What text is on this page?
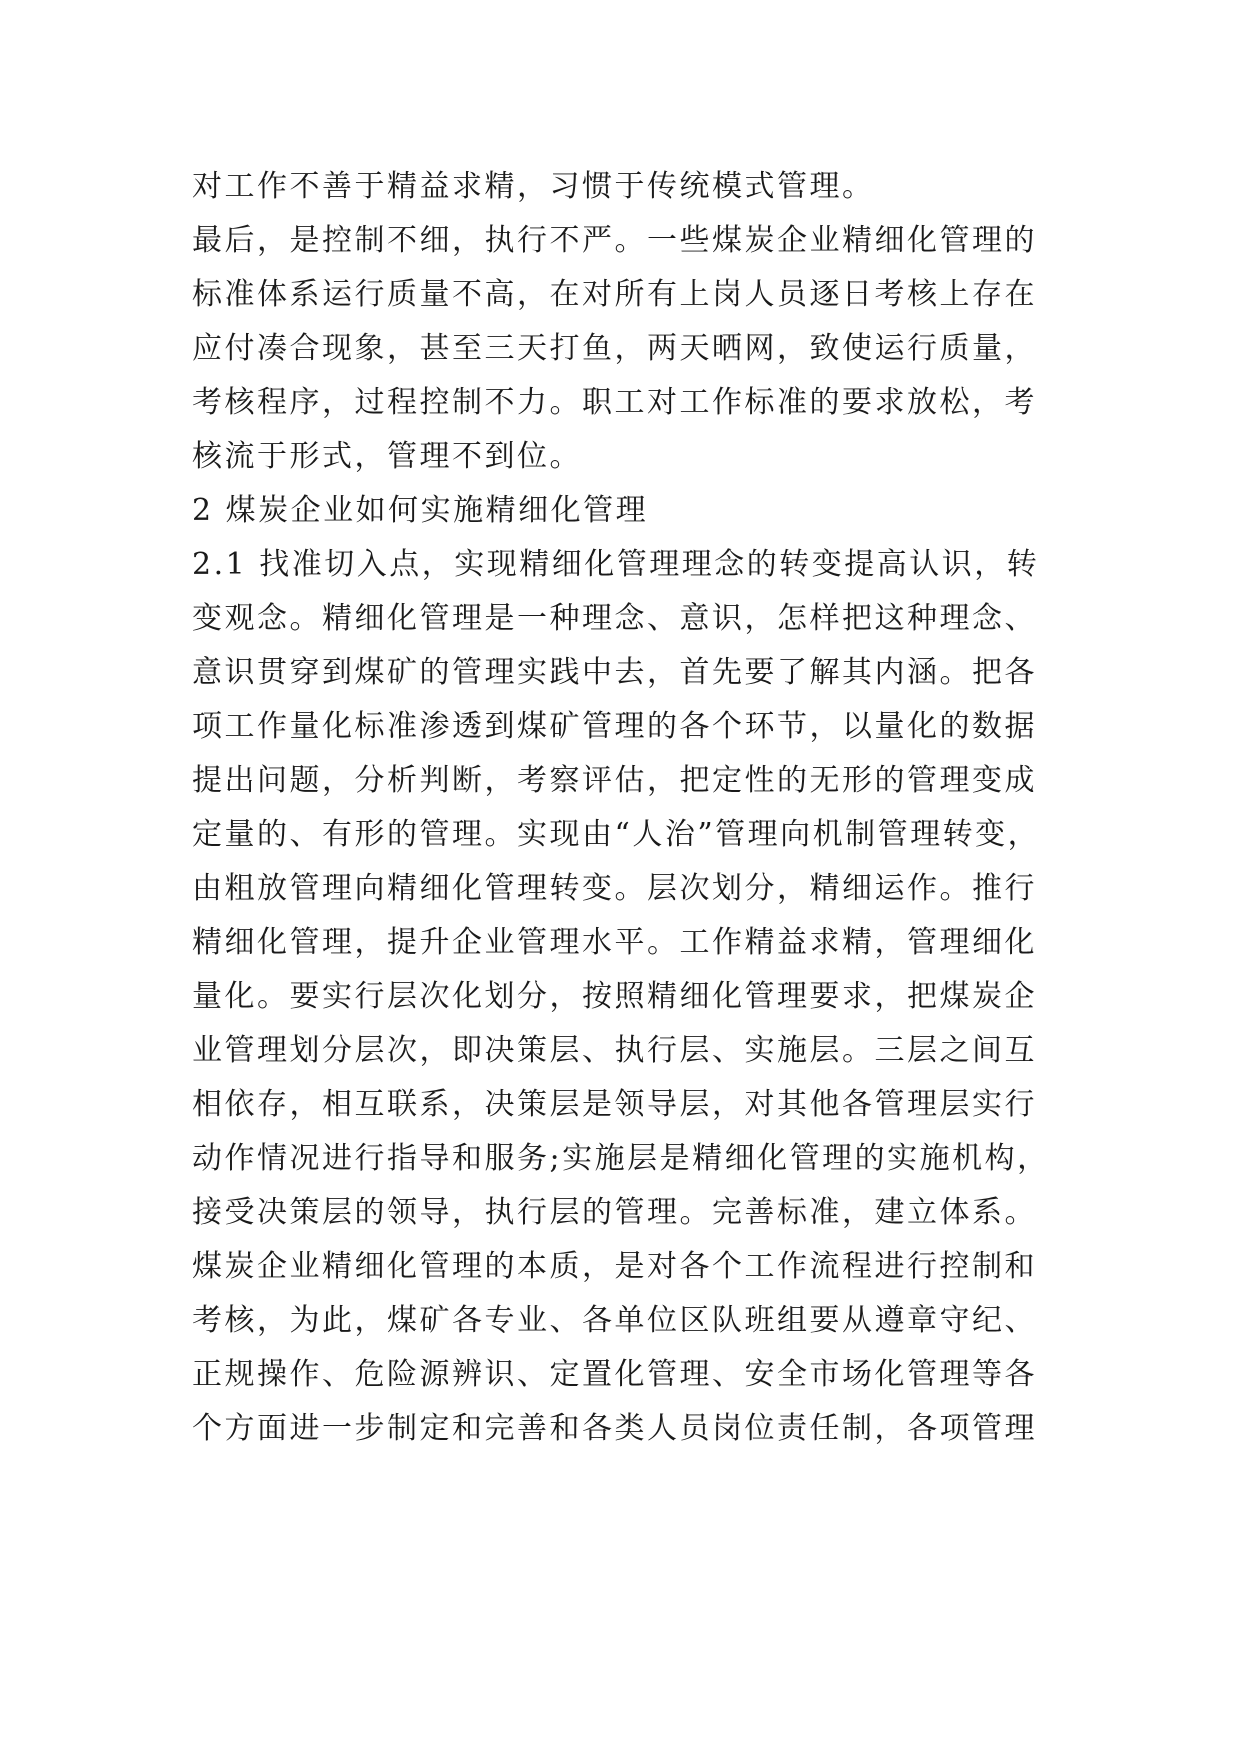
对工作不善于精益求精，习惯于传统模式管理。
最后，是控制不细，执行不严。一些煤炭企业精细化管理的
标准体系运行质量不高，在对所有上岗人员逐日考核上存在
应付凑合现象，甚至三天打鱼，两天晒网，致使运行质量，
考核程序，过程控制不力。职工对工作标准的要求放松，考
核流于形式，管理不到位。
2 煤炭企业如何实施精细化管理
2.1 找准切入点，实现精细化管理理念的转变提高认识，转
变观念。精细化管理是一种理念、意识，怎样把这种理念、
意识贯穿到煤矿的管理实践中去，首先要了解其内涵。把各
项工作量化标准渗透到煤矿管理的各个环节，以量化的数据
提出问题，分析判断，考察评估，把定性的无形的管理变成
定量的、有形的管理。实现由“人治”管理向机制管理转变，
由粗放管理向精细化管理转变。层次划分，精细运作。推行
精细化管理，提升企业管理水平。工作精益求精，管理细化
量化。要实行层次化划分，按照精细化管理要求，把煤炭企
业管理划分层次，即决策层、执行层、实施层。三层之间互
相依存，相互联系，决策层是领导层，对其他各管理层实行
动作情况进行指导和服务;实施层是精细化管理的实施机构，
接受决策层的领导，执行层的管理。完善标准，建立体系。
煤炭企业精细化管理的本质，是对各个工作流程进行控制和
考核，为此，煤矿各专业、各单位区队班组要从遵章守纪、
正规操作、危险源辨识、定置化管理、安全市场化管理等各
个方面进一步制定和完善和各类人员岗位责任制，各项管理
